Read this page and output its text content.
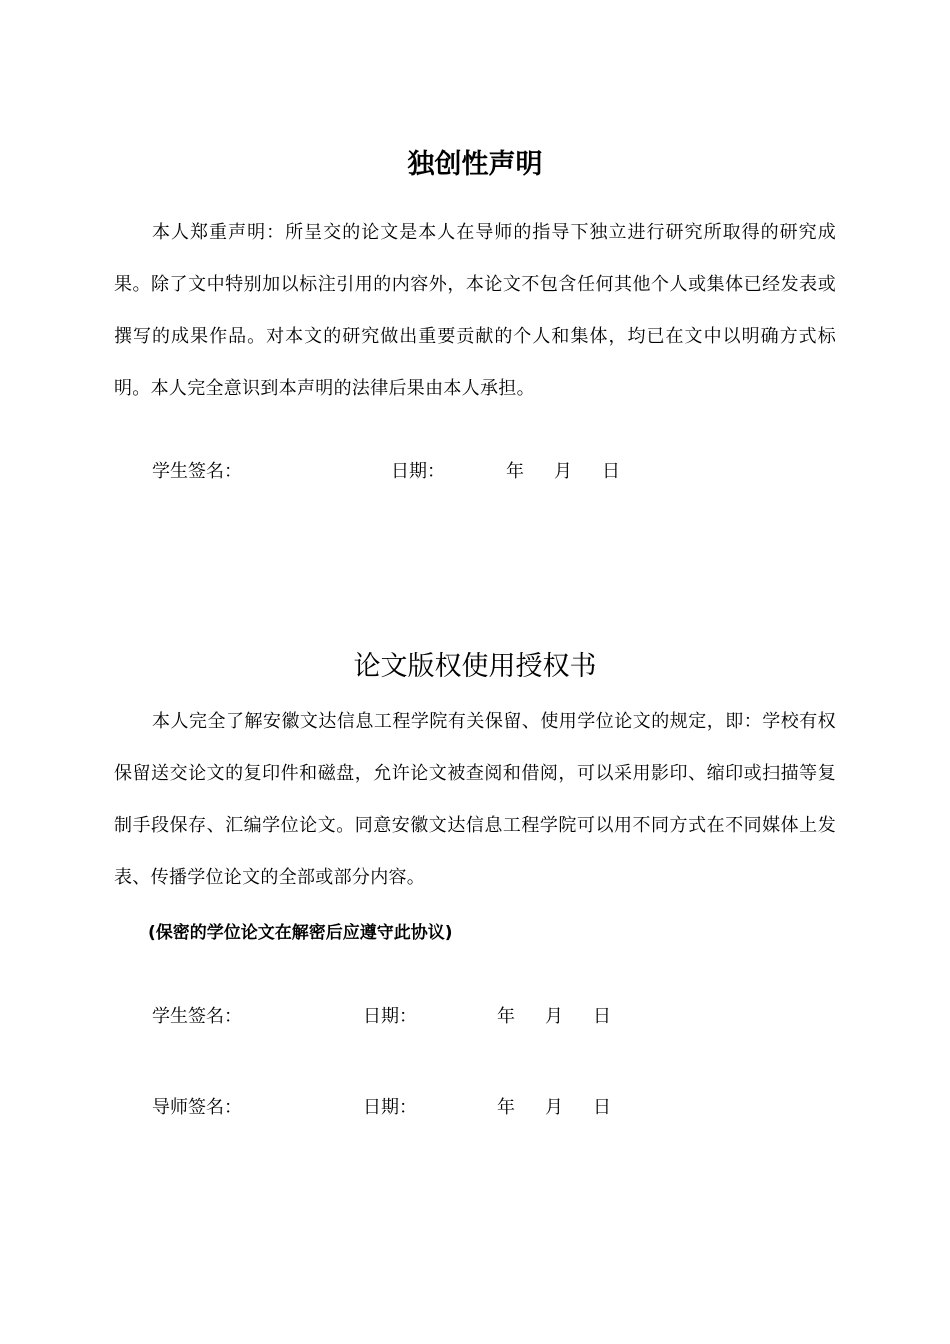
独创性声明

本人郑重声明：所呈交的论文是本人在导师的指导下独立进行研究所取得的研究成果。除了文中特别加以标注引用的内容外，本论文不包含任何其他个人或集体已经发表或撰写的成果作品。对本文的研究做出重要贡献的个人和集体，均已在文中以明确方式标明。本人完全意识到本声明的法律后果由本人承担。

学生签名：	日期：	年 月 日
论文版权使用授权书

本人完全了解安徽文达信息工程学院有关保留、使用学位论文的规定，即：学校有权保留送交论文的复印件和磁盘，允许论文被查阅和借阅，可以采用影印、缩印或扫描等复制手段保存、汇编学位论文。同意安徽文达信息工程学院可以用不同方式在不同媒体上发表、传播学位论文的全部或部分内容。

(保密的学位论文在解密后应遵守此协议)

学生签名：	日期：	年 月 日
导师签名：	日期：	年 月 日
